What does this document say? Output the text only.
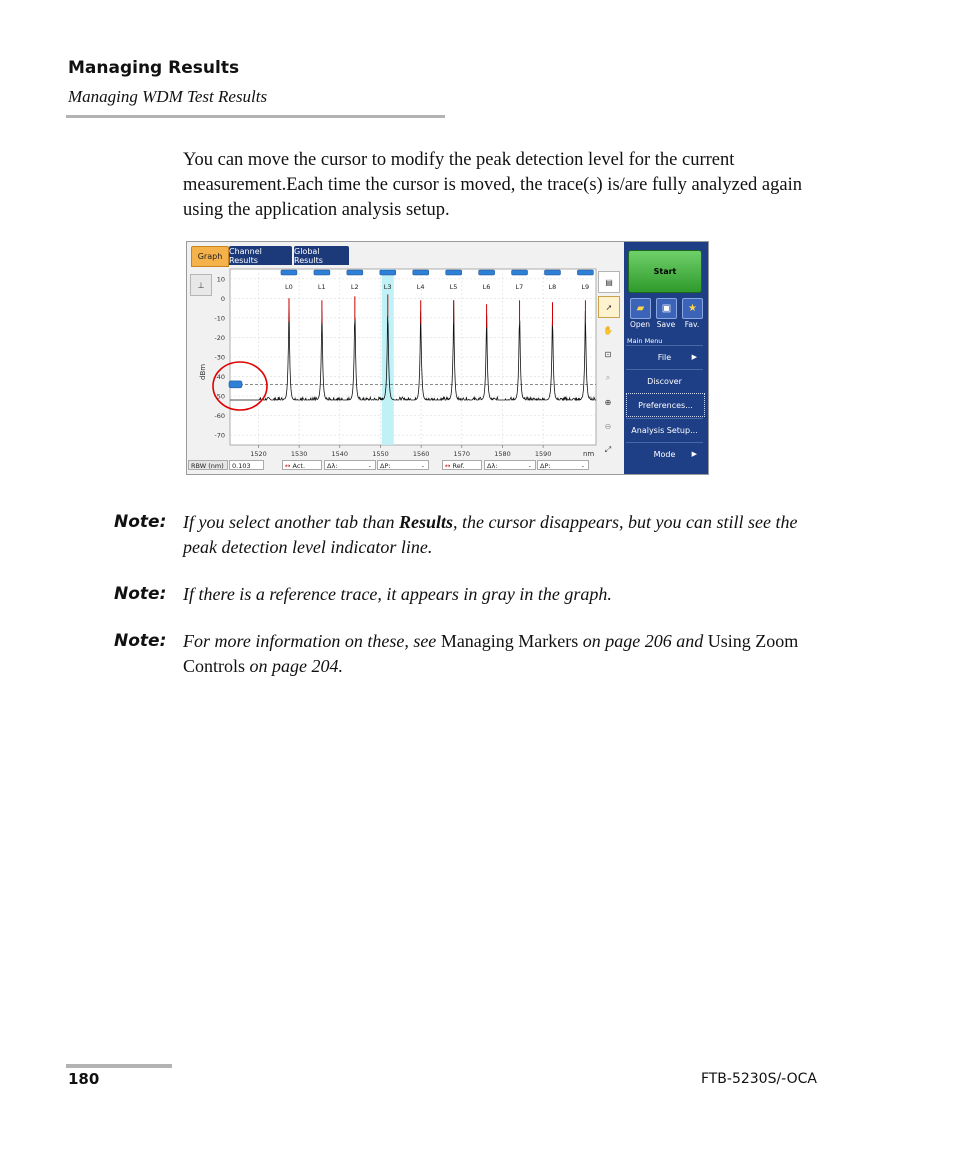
Managing Results
Managing WDM Test Results

You can move the cursor to modify the peak detection level for the current measurement.Each time the cursor is moved, the trace(s) is/are fully analyzed again using the application analysis setup.

Graph
Channel Results
Global Results
⊥
10
0
-10
-20
-30
-40
-50
-60
-70
1520	1530	1540	1550	1560	1570	1580	1590
L0	L1	L2	L3	L4	L5	L6	L7	L8	L9
dBm
nm
▤
➚
✋
⊡
⌕
⊕
⊖
⤢
RBW (nm)	0.103	↔ Act.	Δλ:	-	ΔP:	-	↔ Ref.	Δλ:	-	ΔP:	-
Start
▰	▣	★
Open Save	Fav.
Main Menu
File	▶
Discover
Preferences...
Analysis Setup...
Mode ▶
Note: If you select another tab than Results, the cursor disappears, but you can still see the peak detection level indicator line.
Note: If there is a reference trace, it appears in gray in the graph.
Note: For more information on these, see Managing Markers on page 206 and Using Zoom Controls on page 204.
180	FTB-5230S/-OCA
